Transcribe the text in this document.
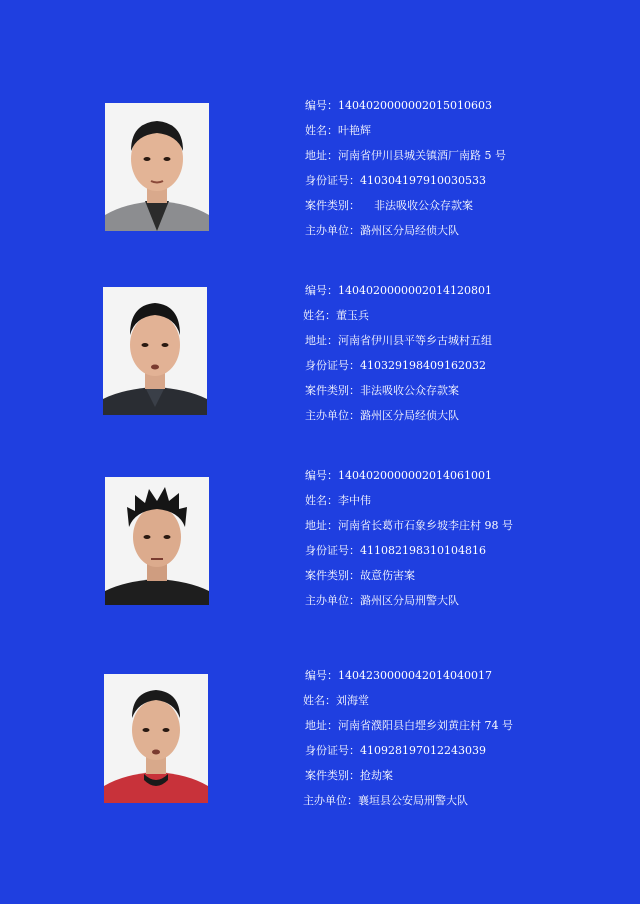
编号：1404020000002015010603
姓名：叶艳辉
地址：河南省伊川县城关镇酒厂南路 5 号
身份证号：410304197910030533
案件类别： 非法吸收公众存款案
主办单位：潞州区分局经侦大队
编号：1404020000002014120801
姓名：董玉兵
地址：河南省伊川县平等乡古城村五组
身份证号：410329198409162032
案件类别：非法吸收公众存款案
主办单位：潞州区分局经侦大队
编号：1404020000002014061001
姓名：李中伟
地址：河南省长葛市石象乡坡李庄村 98 号
身份证号：411082198310104816
案件类别：故意伤害案
主办单位：潞州区分局刑警大队
编号：1404230000042014040017
姓名：刘海堂
地址：河南省濮阳县白堽乡刘黄庄村 74 号
身份证号：410928197012243039
案件类别：抢劫案
主办单位：襄垣县公安局刑警大队
